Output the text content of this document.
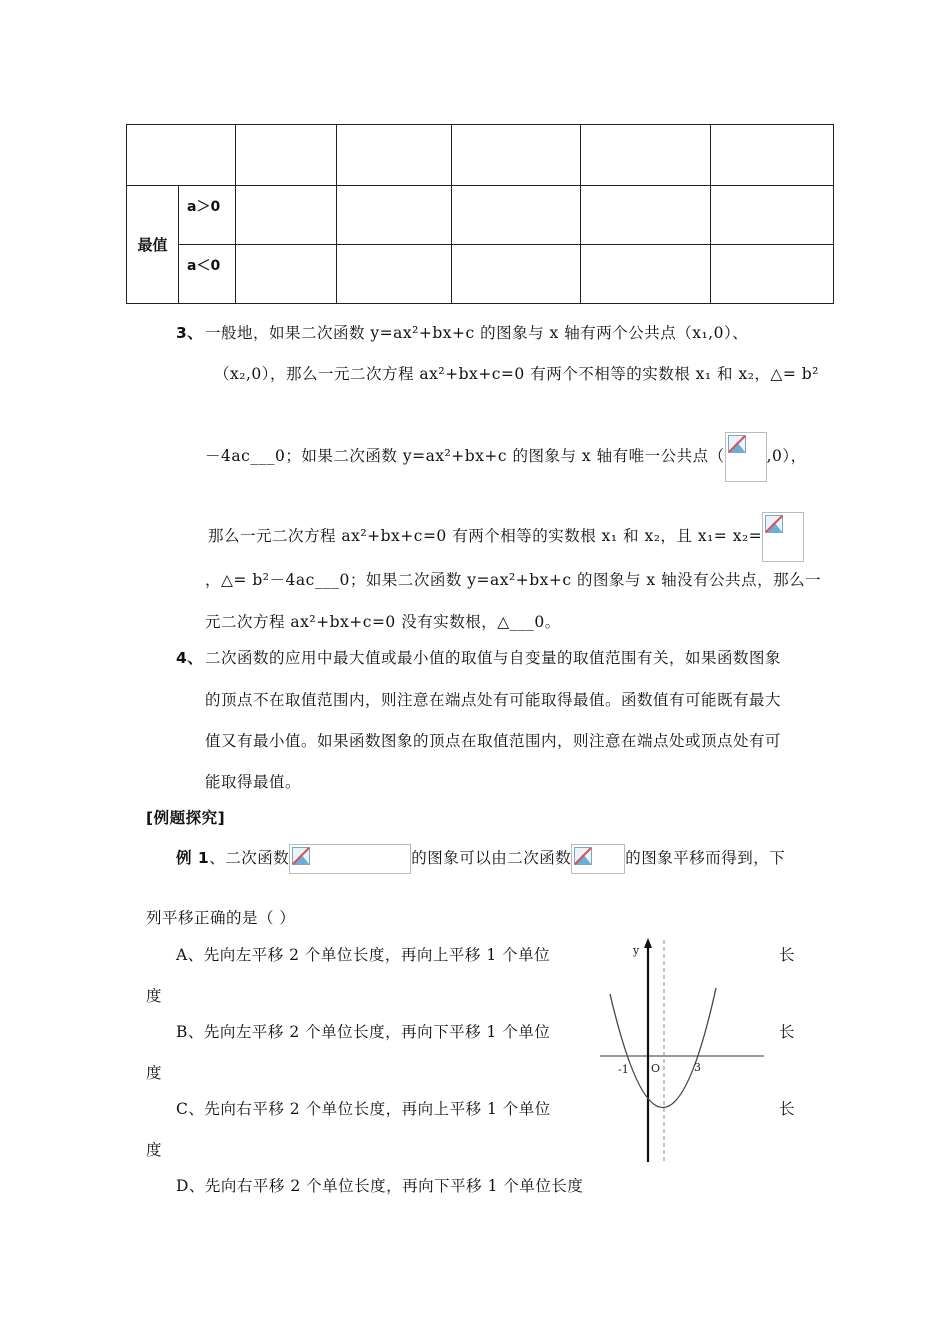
最值	a＞0					
	a＜0					
3、 一般地，如果二次函数 y=ax²+bx+c 的图象与 x 轴有两个公共点（x₁,0）、
（x₂,0），那么一元二次方程 ax²+bx+c=0 有两个不相等的实数根 x₁ 和 x₂，△= b²
－4ac___0；如果二次函数 y=ax²+bx+c 的图象与 x 轴有唯一公共点（	,0），
那么一元二次方程 ax²+bx+c=0 有两个相等的实数根 x₁ 和 x₂，且 x₁= x₂=
，△= b²－4ac___0；如果二次函数 y=ax²+bx+c 的图象与 x 轴没有公共点，那么一
元二次方程 ax²+bx+c=0 没有实数根，△___0。
4、 二次函数的应用中最大值或最小值的取值与自变量的取值范围有关，如果函数图象
的顶点不在取值范围内，则注意在端点处有可能取得最值。函数值有可能既有最大
值又有最小值。如果函数图象的顶点在取值范围内，则注意在端点处或顶点处有可
能取得最值。
[例题探究]
例 1、二次函数	的图象可以由二次函数	的图象平移而得到，下
列平移正确的是（ ）
A、先向左平移 2 个单位长度，再向上平移 1 个单位	长
度
B、先向左平移 2 个单位长度，再向下平移 1 个单位	长
度
C、先向右平移 2 个单位长度，再向上平移 1 个单位	长
度
D、先向右平移 2 个单位长度，再向下平移 1 个单位长度
y
-1 O	3
